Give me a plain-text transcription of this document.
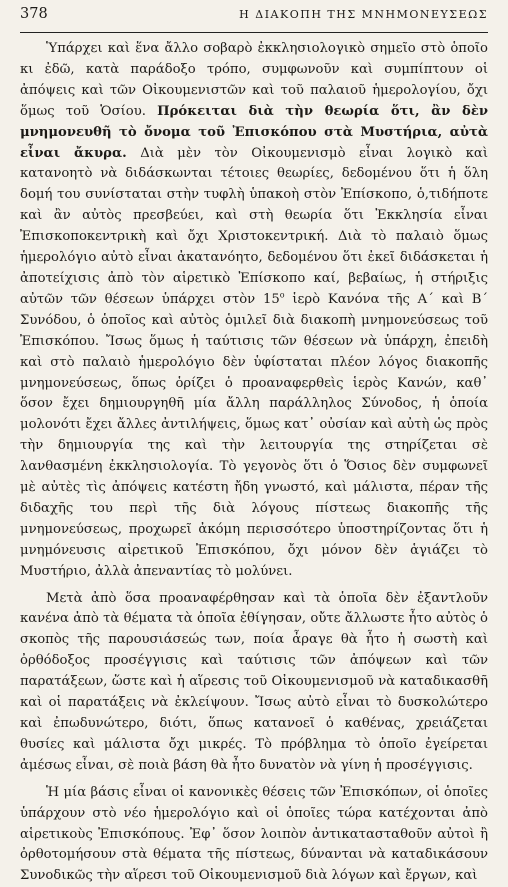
378	Η ΔΙΑΚΟΠΗ ΤΗΣ ΜΝΗΜΟΝΕΥΣΕΩΣ

Ὑπάρχει καὶ ἕνα ἄλλο σοβαρὸ ἐκκλησιολογικὸ σημεῖο στὸ ὁποῖο κι ἐδῶ, κατὰ παράδοξο τρόπο, συμφωνοῦν καὶ συμπίπτουν οἱ ἀπόψεις καὶ τῶν Οἰκουμενιστῶν καὶ τοῦ παλαιοῦ ἡμερολογίου, ὄχι ὅμως τοῦ Ὁσίου. Πρόκειται διὰ τὴν θεωρία ὅτι, ἂν δὲν μνημονευθῆ τὸ ὄνομα τοῦ Ἐπισκόπου στὰ Μυστήρια, αὐτὰ εἶναι ἄκυρα. Διὰ μὲν τὸν Οἰκουμενισμὸ εἶναι λογικὸ καὶ κατανοητὸ νὰ διδάσκωνται τέτοιες θεωρίες, δεδομένου ὅτι ἡ ὅλη δομή του συνίσταται στὴν τυφλὴ ὑπακοὴ στὸν Ἐπίσκοπο, ὁ,τιδήποτε καὶ ἂν αὐτὸς πρεσβεύει, καὶ στὴ θεωρία ὅτι Ἐκκλησία εἶναι Ἐπισκοποκεντρικὴ καὶ ὄχι Χριστοκεντρική. Διὰ τὸ παλαιὸ ὅμως ἡμερολόγιο αὐτὸ εἶναι ἀκατανόητο, δεδομένου ὅτι ἐκεῖ διδάσκεται ἡ ἀποτείχισις ἀπὸ τὸν αἱρετικὸ Ἐπίσκοπο καί, βεβαίως, ἡ στήριξις αὐτῶν τῶν θέσεων ὑπάρχει στὸν $15^o$ ἱερὸ Κανόνα τῆς Α´ καὶ Β´ Συνόδου, ὁ ὁποῖος καὶ αὐτὸς ὁμιλεῖ διὰ διακοπὴ μνημονεύσεως τοῦ Ἐπισκόπου. Ἴσως ὅμως ἡ ταύτισις τῶν θέσεων νὰ ὑπάρχη, ἐπειδὴ καὶ στὸ παλαιὸ ἡμερολόγιο δὲν ὑφίσταται πλέον λόγος διακοπῆς μνημονεύσεως, ὅπως ὁρίζει ὁ προαναφερθεὶς ἱερὸς Κανών, καθ᾽ ὅσον ἔχει δημιουργηθῆ μία ἄλλη παράλληλος Σύνοδος, ἡ ὁποία μολονότι ἔχει ἄλλες ἀντιλήψεις, ὅμως κατ᾽ οὐσίαν καὶ αὐτὴ ὡς πρὸς τὴν δημιουργία της καὶ τὴν λειτουργία της στηρίζεται σὲ λανθασμένη ἐκκλησιολογία. Τὸ γεγονὸς ὅτι ὁ Ὅσιος δὲν συμφωνεῖ μὲ αὐτὲς τὶς ἀπόψεις κατέστη ἤδη γνωστό, καὶ μάλιστα, πέραν τῆς διδαχῆς του περὶ τῆς διὰ λόγους πίστεως διακοπῆς τῆς μνημονεύσεως, προχωρεῖ ἀκόμη περισσότερο ὑποστηρίζοντας ὅτι ἡ μνημόνευσις αἱρετικοῦ Ἐπισκόπου, ὄχι μόνον δὲν ἁγιάζει τὸ Μυστήριο, ἀλλὰ ἀπεναντίας τὸ μολύνει.

Μετὰ ἀπὸ ὅσα προαναφέρθησαν καὶ τὰ ὁποῖα δὲν ἐξαντλοῦν κανένα ἀπὸ τὰ θέματα τὰ ὁποῖα ἐθίγησαν, οὔτε ἄλλωστε ἦτο αὐτὸς ὁ σκοπὸς τῆς παρουσιάσεώς των, ποία ἆραγε θὰ ἦτο ἡ σωστὴ καὶ ὀρθόδοξος προσέγγισις καὶ ταύτισις τῶν ἀπόψεων καὶ τῶν παρατάξεων, ὥστε καὶ ἡ αἵρεσις τοῦ Οἰκουμενισμοῦ νὰ καταδικασθῆ καὶ οἱ παρατάξεις νὰ ἐκλείψουν. Ἴσως αὐτὸ εἶναι τὸ δυσκολώτερο καὶ ἐπωδυνώτερο, διότι, ὅπως κατανοεῖ ὁ καθένας, χρειάζεται θυσίες καὶ μάλιστα ὄχι μικρές. Τὸ πρόβλημα τὸ ὁποῖο ἐγείρεται ἀμέσως εἶναι, σὲ ποιὰ βάση θὰ ἦτο δυνατὸν νὰ γίνη ἡ προσέγγισις.

Ἡ μία βάσις εἶναι οἱ κανονικὲς θέσεις τῶν Ἐπισκόπων, οἱ ὁποῖες ὑπάρχουν στὸ νέο ἡμερολόγιο καὶ οἱ ὁποῖες τώρα κατέχονται ἀπὸ αἱρετικοὺς Ἐπισκόπους. Ἐφ᾽ ὅσον λοιπὸν ἀντικατασταθοῦν αὐτοὶ ἢ ὀρθοτομήσουν στὰ θέματα τῆς πίστεως, δύνανται νὰ καταδικάσουν Συνοδικῶς τὴν αἵρεσι τοῦ Οἰκουμενισμοῦ διὰ λόγων καὶ ἔργων, καὶ
